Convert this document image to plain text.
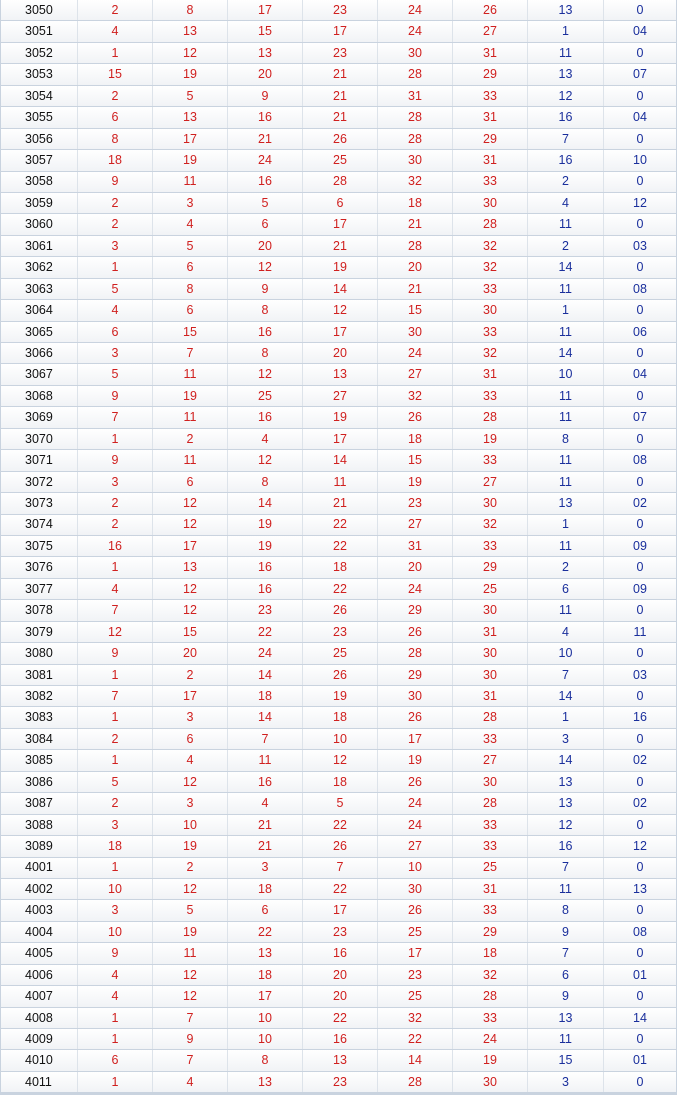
3050	2	8	17	23	24	26	13	0
3051	4	13	15	17	24	27	1	04
3052	1	12	13	23	30	31	11	0
3053	15	19	20	21	28	29	13	07
3054	2	5	9	21	31	33	12	0
3055	6	13	16	21	28	31	16	04
3056	8	17	21	26	28	29	7	0
3057	18	19	24	25	30	31	16	10
3058	9	11	16	28	32	33	2	0
3059	2	3	5	6	18	30	4	12
3060	2	4	6	17	21	28	11	0
3061	3	5	20	21	28	32	2	03
3062	1	6	12	19	20	32	14	0
3063	5	8	9	14	21	33	11	08
3064	4	6	8	12	15	30	1	0
3065	6	15	16	17	30	33	11	06
3066	3	7	8	20	24	32	14	0
3067	5	11	12	13	27	31	10	04
3068	9	19	25	27	32	33	11	0
3069	7	11	16	19	26	28	11	07
3070	1	2	4	17	18	19	8	0
3071	9	11	12	14	15	33	11	08
3072	3	6	8	11	19	27	11	0
3073	2	12	14	21	23	30	13	02
3074	2	12	19	22	27	32	1	0
3075	16	17	19	22	31	33	11	09
3076	1	13	16	18	20	29	2	0
3077	4	12	16	22	24	25	6	09
3078	7	12	23	26	29	30	11	0
3079	12	15	22	23	26	31	4	11
3080	9	20	24	25	28	30	10	0
3081	1	2	14	26	29	30	7	03
3082	7	17	18	19	30	31	14	0
3083	1	3	14	18	26	28	1	16
3084	2	6	7	10	17	33	3	0
3085	1	4	11	12	19	27	14	02
3086	5	12	16	18	26	30	13	0
3087	2	3	4	5	24	28	13	02
3088	3	10	21	22	24	33	12	0
3089	18	19	21	26	27	33	16	12
4001	1	2	3	7	10	25	7	0
4002	10	12	18	22	30	31	11	13
4003	3	5	6	17	26	33	8	0
4004	10	19	22	23	25	29	9	08
4005	9	11	13	16	17	18	7	0
4006	4	12	18	20	23	32	6	01
4007	4	12	17	20	25	28	9	0
4008	1	7	10	22	32	33	13	14
4009	1	9	10	16	22	24	11	0
4010	6	7	8	13	14	19	15	01
4011	1	4	13	23	28	30	3	0
